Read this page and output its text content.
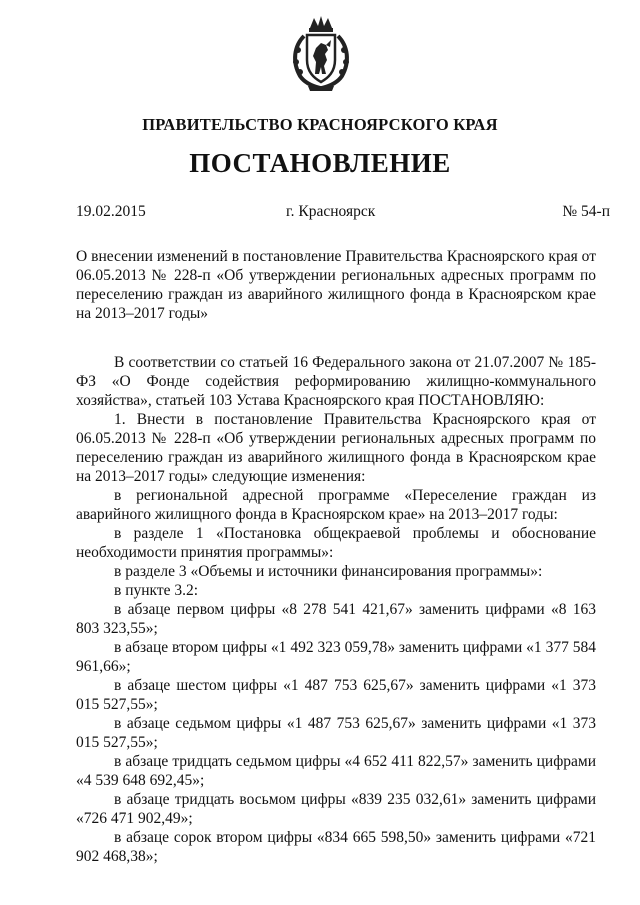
ПРАВИТЕЛЬСТВО КРАСНОЯРСКОГО КРАЯ
ПОСТАНОВЛЕНИЕ
19.02.2015	г. Красноярск	№ 54-п
О внесении изменений в постановление Правительства Красноярского края от 06.05.2013 № 228-п «Об утверждении региональных адресных программ по переселению граждан из аварийного жилищного фонда в Красноярском крае на 2013–2017 годы»
В соответствии со статьей 16 Федерального закона от 21.07.2007 № 185-ФЗ «О Фонде содействия реформированию жилищно-коммунального хозяйства», статьей 103 Устава Красноярского края ПОСТАНОВЛЯЮ:
1. Внести в постановление Правительства Красноярского края от 06.05.2013 № 228-п «Об утверждении региональных адресных программ по переселению граждан из аварийного жилищного фонда в Красноярском крае на 2013–2017 годы» следующие изменения:
в региональной адресной программе «Переселение граждан из аварийного жилищного фонда в Красноярском крае» на 2013–2017 годы:
в разделе 1 «Постановка общекраевой проблемы и обоснование необходимости принятия программы»:
в разделе 3 «Объемы и источники финансирования программы»:
в пункте 3.2:
в абзаце первом цифры «8 278 541 421,67» заменить цифрами «8 163 803 323,55»;
в абзаце втором цифры «1 492 323 059,78» заменить цифрами «1 377 584 961,66»;
в абзаце шестом цифры «1 487 753 625,67» заменить цифрами «1 373 015 527,55»;
в абзаце седьмом цифры «1 487 753 625,67» заменить цифрами «1 373 015 527,55»;
в абзаце тридцать седьмом цифры «4 652 411 822,57» заменить цифрами «4 539 648 692,45»;
в абзаце тридцать восьмом цифры «839 235 032,61» заменить цифрами «726 471 902,49»;
в абзаце сорок втором цифры «834 665 598,50» заменить цифрами «721 902 468,38»;
